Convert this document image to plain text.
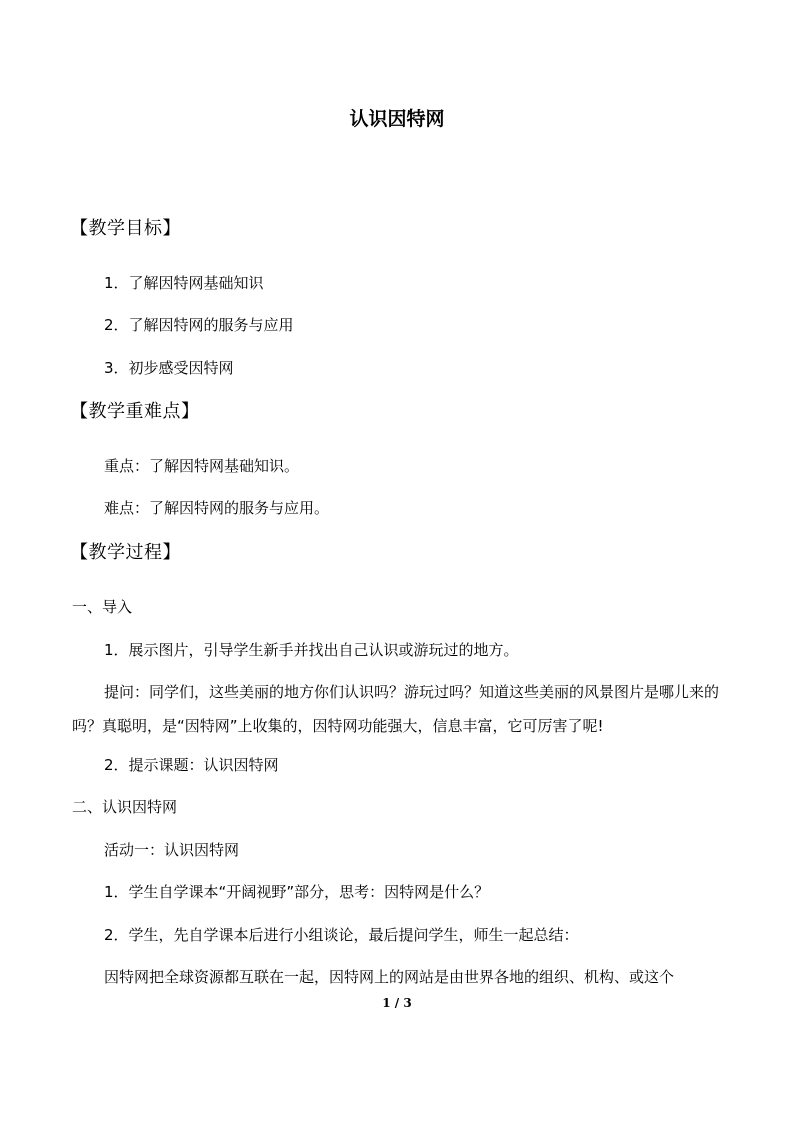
认识因特网
【教学目标】
1．了解因特网基础知识
2．了解因特网的服务与应用
3．初步感受因特网
【教学重难点】
重点：了解因特网基础知识。
难点：了解因特网的服务与应用。
【教学过程】
一、导入
1．展示图片，引导学生新手并找出自己认识或游玩过的地方。
提问：同学们，这些美丽的地方你们认识吗？游玩过吗？知道这些美丽的风景图片是哪儿来的吗？真聪明，是“因特网”上收集的，因特网功能强大，信息丰富，它可厉害了呢!
2．提示课题：认识因特网
二、认识因特网
活动一：认识因特网
1．学生自学课本“开阔视野”部分，思考：因特网是什么？
2．学生，先自学课本后进行小组谈论，最后提问学生，师生一起总结：
因特网把全球资源都互联在一起，因特网上的网站是由世界各地的组织、机构、或这个
1 / 3
